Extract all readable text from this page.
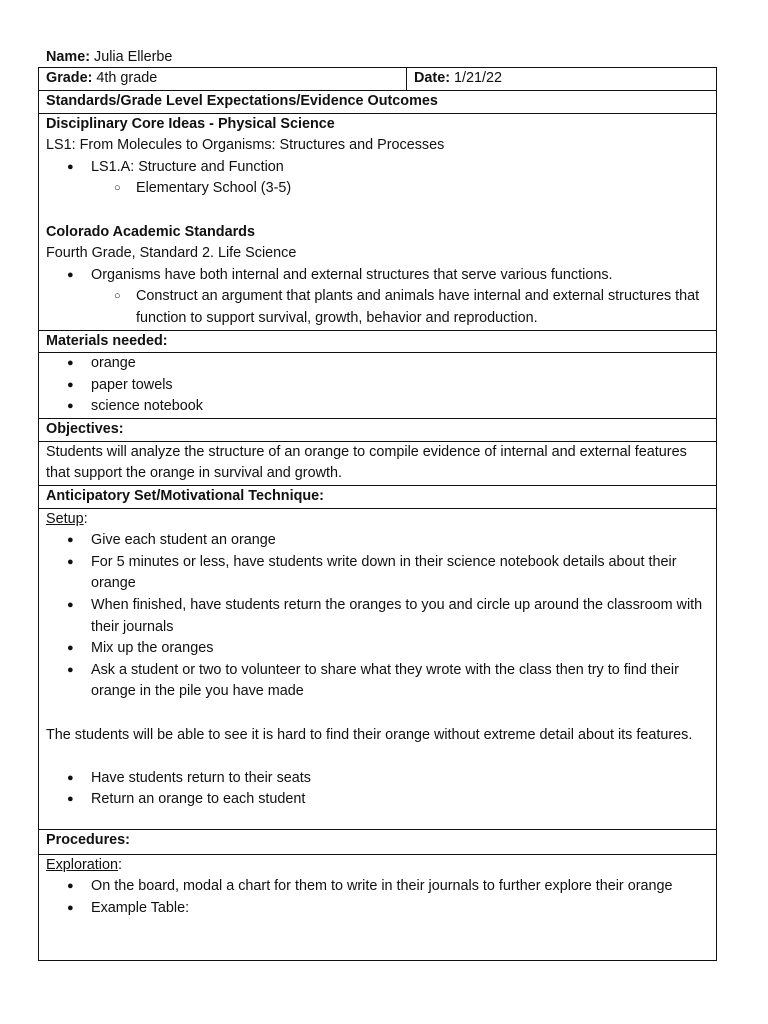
Name: Julia Ellerbe
Grade: 4th grade	Date: 1/21/22
Standards/Grade Level Expectations/Evidence Outcomes

Disciplinary Core Ideas - Physical Science
LS1: From Molecules to Organisms: Structures and Processes
● LS1.A: Structure and Function
○ Elementary School (3-5)
Colorado Academic Standards
Fourth Grade, Standard 2. Life Science
● Organisms have both internal and external structures that serve various functions.
○ Construct an argument that plants and animals have internal and external structures that function to support survival, growth, behavior and reproduction.

Materials needed:

● orange
● paper towels
● science notebook

Objectives:

Students will analyze the structure of an orange to compile evidence of internal and external features that support the orange in survival and growth.

Anticipatory Set/Motivational Technique:

Setup:
● Give each student an orange
● For 5 minutes or less, have students write down in their science notebook details about their orange
● When finished, have students return the oranges to you and circle up around the classroom with their journals
● Mix up the oranges
● Ask a student or two to volunteer to share what they wrote with the class then try to find their orange in the pile you have made
The students will be able to see it is hard to find their orange without extreme detail about its features.
● Have students return to their seats
● Return an orange to each student

Procedures:

Exploration:
● On the board, modal a chart for them to write in their journals to further explore their orange
● Example Table:
